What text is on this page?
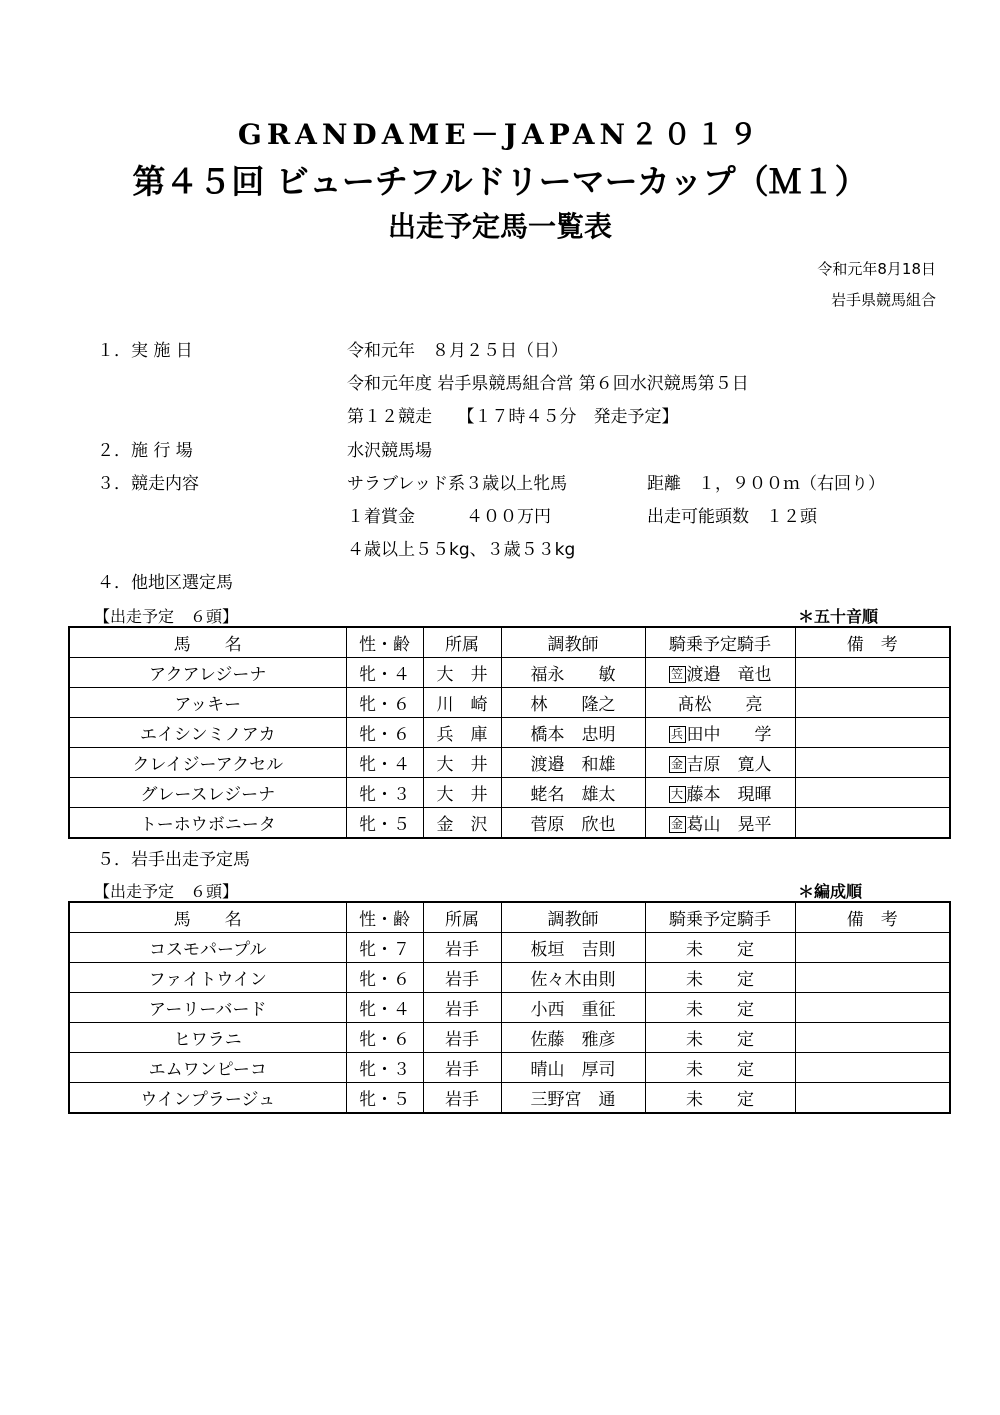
GRANDAME－JAPAN２０１９
第４５回 ビューチフルドリーマーカップ（Ｍ１）
出走予定馬一覧表
令和元年8月18日
岩手県競馬組合
１．実 施 日	令和元年　８月２５日（日）
令和元年度 岩手県競馬組合営 第６回水沢競馬第５日
第１２競走　　【１７時４５分　発走予定】
２．施 行 場	水沢競馬場
３．競走内容	サラブレッド系３歳以上牝馬	距離　１，９００ｍ（右回り）
１着賞金　　　４００万円	出走可能頭数　１２頭
４歳以上５５kg、３歳５３kg
４．他地区選定馬
【出走予定　６頭】	＊五十音順
馬　　名	性・齢	所属	調教師	騎乗予定騎手	備　考
アクアレジーナ	牝・４	大　井	福永　　敏	笠 渡邉　竜也	
アッキー	牝・６	川　崎	林　　隆之	髙松　　亮	
エイシンミノアカ	牝・６	兵　庫	橋本　忠明	兵 田中　　学	
クレイジーアクセル	牝・４	大　井	渡邉　和雄	金 吉原　寛人	
グレースレジーナ	牝・３	大　井	蛯名　雄太	大 藤本　現暉	
トーホウボニータ	牝・５	金　沢	菅原　欣也	金 葛山　晃平	
５．岩手出走予定馬
【出走予定　６頭】	＊編成順
馬　　名	性・齢	所属	調教師	騎乗予定騎手	備　考
コスモパープル	牝・７	岩手	板垣　吉則	未　　定	
ファイトウイン	牝・６	岩手	佐々木由則	未　　定	
アーリーバード	牝・４	岩手	小西　重征	未　　定	
ヒワラニ	牝・６	岩手	佐藤　雅彦	未　　定	
エムワンピーコ	牝・３	岩手	晴山　厚司	未　　定	
ウインプラージュ	牝・５	岩手	三野宮　通	未　　定	
